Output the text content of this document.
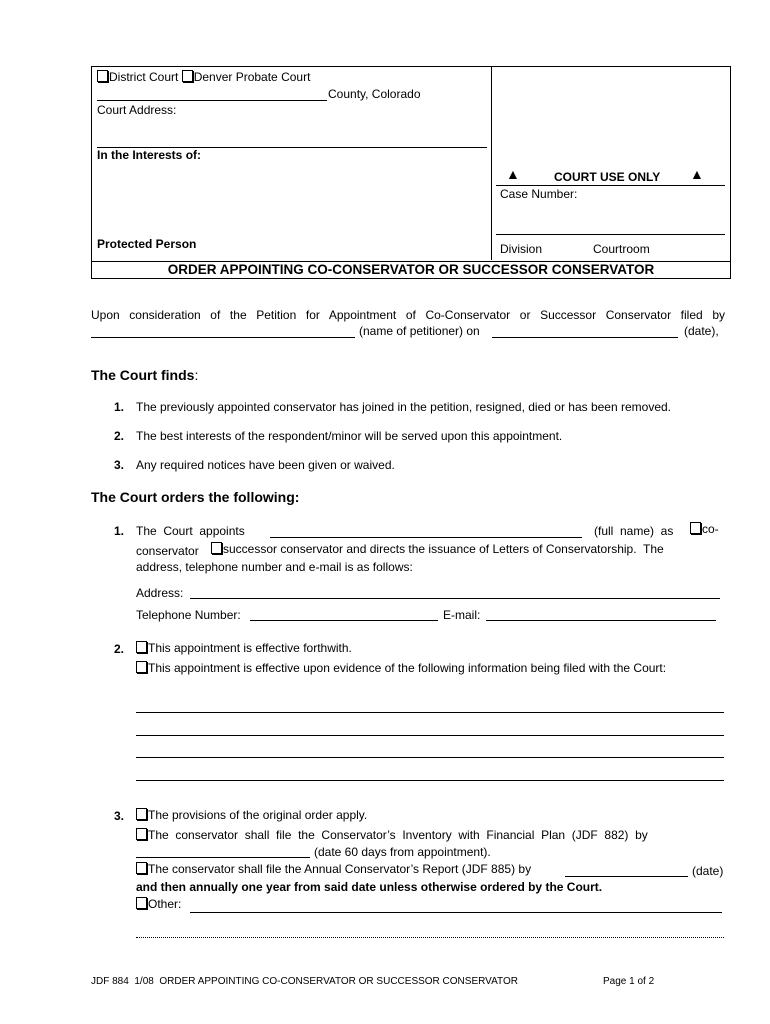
District Court Denver Probate Court
County, Colorado
Court Address:
In the Interests of:
Protected Person
▲	COURT USE ONLY ▲
Case Number:
Division	Courtroom
ORDER APPOINTING CO-CONSERVATOR OR SUCCESSOR CONSERVATOR
Upon consideration of the Petition for Appointment of Co-Conservator or Successor Conservator filed by
(name of petitioner) on	(date),
The Court finds:
1. The previously appointed conservator has joined in the petition, resigned, died or has been removed.
2. The best interests of the respondent/minor will be served upon this appointment.
3. Any required notices have been given or waived.
The Court orders the following:
1. The  Court  appoints	(full  name)  as	co-
conservator	successor conservator and directs the issuance of Letters of Conservatorship.  The
address, telephone number and e-mail is as follows:
Address:
Telephone Number:	E-mail:
2.	This appointment is effective forthwith.
This appointment is effective upon evidence of the following information being filed with the Court:
3.	The provisions of the original order apply.
The  conservator  shall  file  the  Conservator’s  Inventory  with  Financial  Plan  (JDF  882)  by
(date 60 days from appointment).
The conservator shall file the Annual Conservator’s Report (JDF 885) by	(date)
and then annually one year from said date unless otherwise ordered by the Court.
Other:
JDF 884  1/08  ORDER APPOINTING CO-CONSERVATOR OR SUCCESSOR CONSERVATOR	Page 1 of 2
